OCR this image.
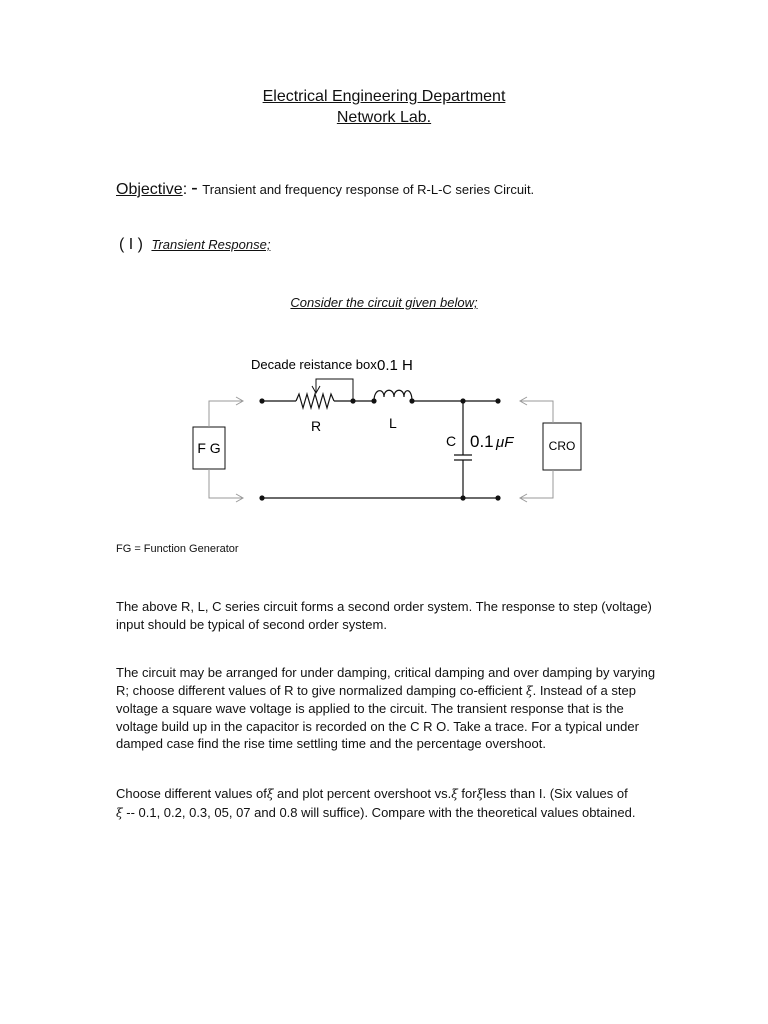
Electrical Engineering Department
Network Lab.
Objective: - Transient and frequency response of R-L-C series Circuit.
( I ) Transient Response;
Consider the circuit given below;
F G	CRO
Decade reistance box 0.1 H
R	L
C 0.1 μF
FG = Function Generator
The above R, L, C series circuit forms a second order system. The response to step (voltage) input should be typical of second order system.
The circuit may be arranged for under damping, critical damping and over damping by varying R; choose different values of R to give normalized damping co-efficient ξ. Instead of a step voltage a square wave voltage is applied to the circuit. The transient response that is the voltage build up in the capacitor is recorded on the C R O. Take a trace. For a typical under damped case find the rise time settling time and the percentage overshoot.
Choose different values ofξ and plot percent overshoot vs.ξ forξless than I. (Six values of
ξ -- 0.1, 0.2, 0.3, 05, 07 and 0.8 will suffice). Compare with the theoretical values obtained.
